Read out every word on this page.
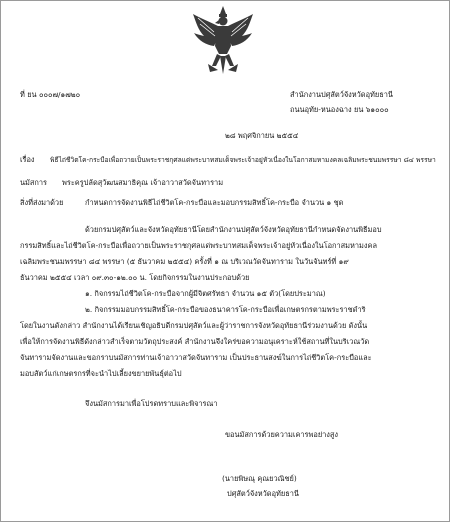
ที่ ยน ๐๐๐๗/๑๗๒๐	สำนักงานปศุสัตว์จังหวัดอุทัยธานี
ถนนอุทัย-หนองฉาง ยน ๖๑๐๐๐
๒๘ พฤศจิกายน ๒๕๕๔
เรื่อง พิธีไถ่ชีวิตโค-กระบือเพื่อถวายเป็นพระราชกุศลแด่พระบาทสมเด็จพระเจ้าอยู่หัวเนื่องในโอกาสมหามงคลเฉลิมพระชนมพรรษา ๘๔ พรรษา
นมัสการ พระครูปลัดสุวัฒนสมาธิคุณ เจ้าอาวาสวัดจันทาราม
สิ่งที่ส่งมาด้วย	กำหนดการจัดงานพิธีไถ่ชีวิตโค-กระบือและมอบกรรมสิทธิ์โค-กระบือ จำนวน ๑ ชุด
ด้วยกรมปศุสัตว์และจังหวัดอุทัยธานีโดยสำนักงานปศุสัตว์จังหวัดอุทัยธานีกำหนดจัดงานพิธีมอบ
กรรมสิทธิ์และไถ่ชีวิตโค-กระบือเพื่อถวายเป็นพระราชกุศลแด่พระบาทสมเด็จพระเจ้าอยู่หัวเนื่องในโอกาสมหามงคล
เฉลิมพระชนมพรรษา ๘๔ พรรษา (๕ ธันวาคม ๒๕๕๔) ครั้งที่ ๑ ณ บริเวณวัดจันทาราม ในวันจันทร์ที่ ๑๙
ธันวาคม ๒๕๕๔ เวลา ๐๙.๓๐-๑๒.๐๐ น. โดยกิจกรรมในงานประกอบด้วย
๑. กิจกรรมไถ่ชีวิตโค-กระบือจากผู้มีจิตศรัทธา จำนวน ๑๕ ตัว(โดยประมาณ)
๒. กิจกรรมมอบกรรมสิทธิ์โค-กระบือของธนาคารโค-กระบือเพื่อเกษตรกรตามพระราชดำริ
โดยในงานดังกล่าว สำนักงานได้เรียนเชิญอธิบดีกรมปศุสัตว์และผู้ว่าราชการจังหวัดอุทัยธานีร่วมงานด้วย ดังนั้น
เพื่อให้การจัดงานพิธีดังกล่าวสำเร็จตามวัตถุประสงค์ สำนักงานจึงใคร่ขอความอนุเคราะห์ใช้สถานที่ในบริเวณวัด
จันทารามจัดงานและขอกราบนมัสการท่านเจ้าอาวาสวัดจันทาราม เป็นประธานสงฆ์ในการไถ่ชีวิตโค-กระบือและ
มอบสัตว์แก่เกษตรกรที่จะนำไปเลี้ยงขยายพันธุ์ต่อไป
จึงนมัสการมาเพื่อโปรดทราบและพิจารณา
ขอนมัสการด้วยความเคารพอย่างสูง
(นายพิษณุ คุณยวณิชย์)
ปศุสัตว์จังหวัดอุทัยธานี
